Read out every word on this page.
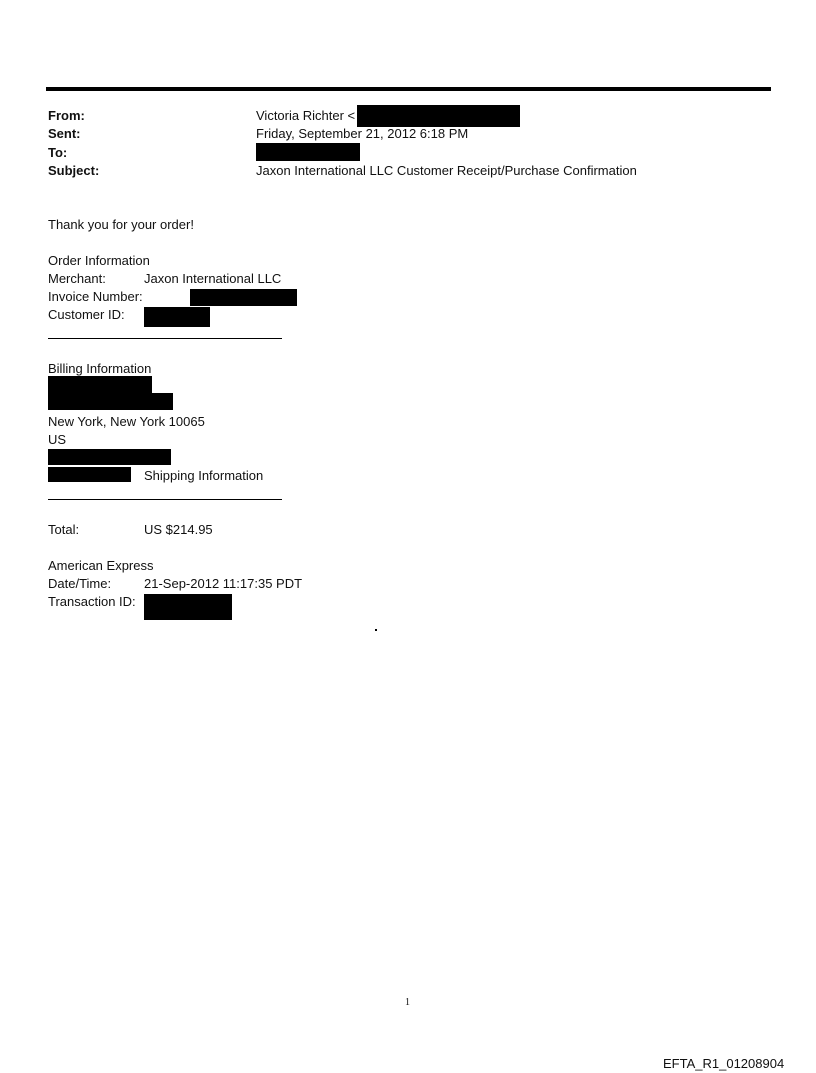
From:	Victoria Richter <
Sent:	Friday, September 21, 2012 6:18 PM
To:
Subject:	Jaxon International LLC Customer Receipt/Purchase Confirmation
Thank you for your order!
Order Information
Merchant:	Jaxon International LLC
Invoice Number:
Customer ID:
Billing Information
New York, New York 10065
US
Shipping Information
Total:	US $214.95
American Express
Date/Time:	21-Sep-2012 11:17:35 PDT
Transaction ID:
1
EFTA_R1_01208904
